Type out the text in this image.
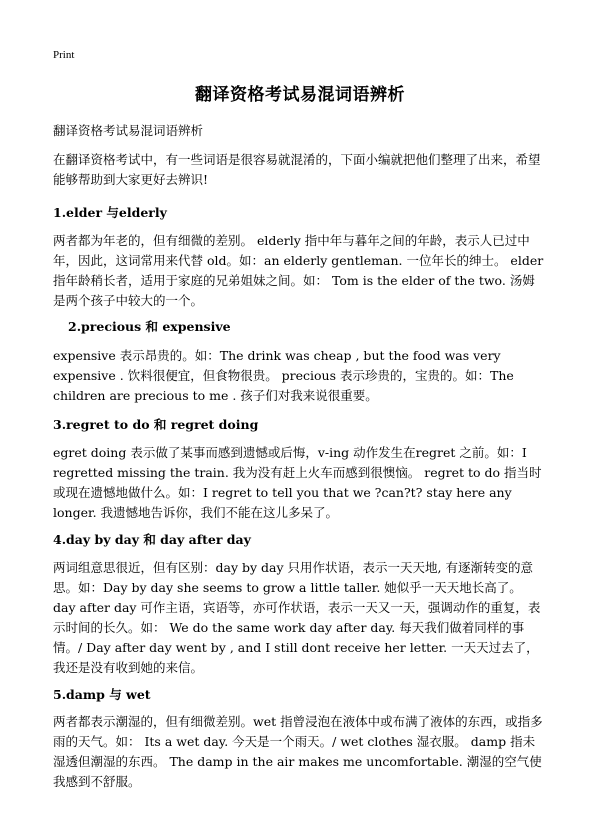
Print
翻译资格考试易混词语辨析
翻译资格考试易混词语辨析
在翻译资格考试中，有一些词语是很容易就混淆的，下面小编就把他们整理了出来，希望能够帮助到大家更好去辨识!
1.elder 与elderly
两者都为年老的，但有细微的差别。 elderly 指中年与暮年之间的年龄，表示人已过中年，因此，这词常用来代替 old。如：an elderly gentleman. 一位年长的绅士。 elder指年龄稍长者，适用于家庭的兄弟姐妹之间。如： Tom is the elder of the two. 汤姆是两个孩子中较大的一个。
2.precious 和 expensive
expensive 表示昂贵的。如：The drink was cheap , but the food was very expensive . 饮料很便宜，但食物很贵。 precious 表示珍贵的，宝贵的。如：The children are precious to me . 孩子们对我来说很重要。
3.regret to do 和 regret doing
egret doing 表示做了某事而感到遗憾或后悔，v-ing 动作发生在regret 之前。如：I regretted missing the train. 我为没有赶上火车而感到很懊恼。 regret to do 指当时或现在遗憾地做什么。如：I regret to tell you that we ?can?t? stay here any longer. 我遗憾地告诉你，我们不能在这儿多呆了。
4.day by day 和 day after day
两词组意思很近，但有区别：day by day 只用作状语，表示一天天地, 有逐渐转变的意思。如：Day by day she seems to grow a little taller. 她似乎一天天地长高了。 day after day 可作主语，宾语等，亦可作状语，表示一天又一天，强调动作的重复，表示时间的长久。如： We do the same work day after day. 每天我们做着同样的事情。/ Day after day went by , and I still dont receive her letter. 一天天过去了，我还是没有收到她的来信。
5.damp 与 wet
两者都表示潮湿的，但有细微差别。wet 指曾浸泡在液体中或布满了液体的东西，或指多雨的天气。如： Its a wet day. 今天是一个雨天。/ wet clothes 湿衣服。 damp 指未湿透但潮湿的东西。 The damp in the air makes me uncomfortable. 潮湿的空气使我感到不舒服。
